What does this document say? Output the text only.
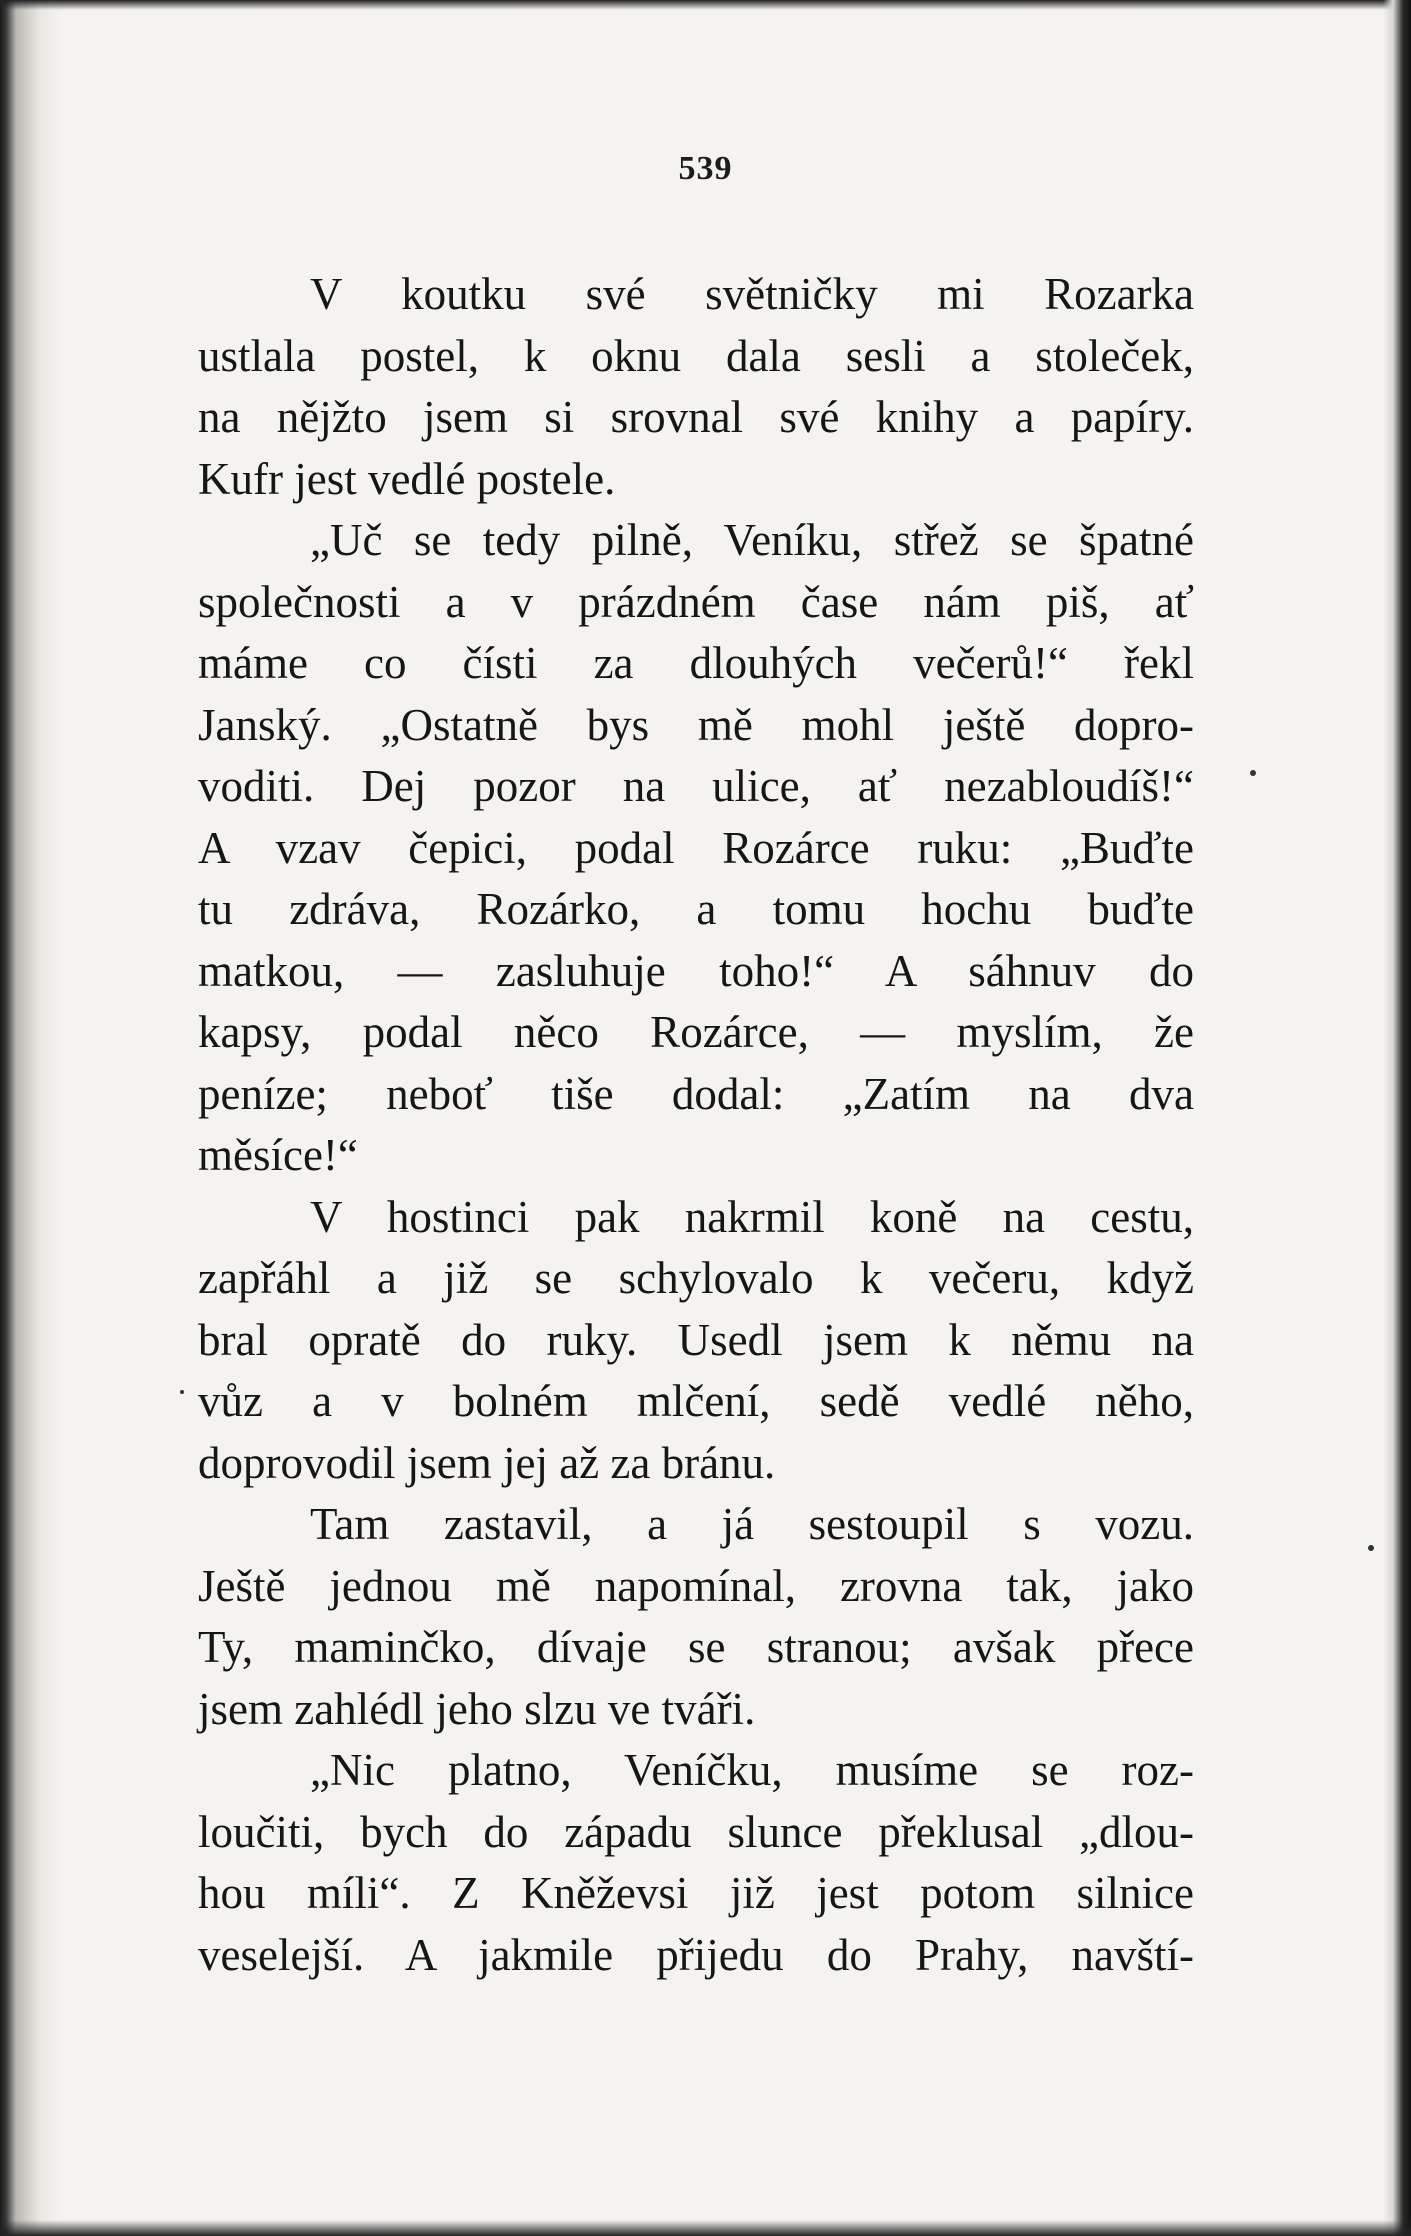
539
V koutku své světničky mi Rozarka
ustlala postel, k oknu dala sesli a stoleček,
na nějžto jsem si srovnal své knihy a papíry.
Kufr jest vedlé postele.
„Uč se tedy pilně, Veníku, střež se špatné
společnosti a v prázdném čase nám piš, ať
máme co čísti za dlouhých večerů!“ řekl
Janský. „Ostatně bys mě mohl ještě dopro-
voditi. Dej pozor na ulice, ať nezabloudíš!“
A vzav čepici, podal Rozárce ruku: „Buďte
tu zdráva, Rozárko, a tomu hochu buďte
matkou, — zasluhuje toho!“ A sáhnuv do
kapsy, podal něco Rozárce, — myslím, že
peníze; neboť tiše dodal: „Zatím na dva
měsíce!“
V hostinci pak nakrmil koně na cestu,
zapřáhl a již se schylovalo k večeru, když
bral opratě do ruky. Usedl jsem k němu na
vůz a v bolném mlčení, sedě vedlé něho,
doprovodil jsem jej až za bránu.
Tam zastavil, a já sestoupil s vozu.
Ještě jednou mě napomínal, zrovna tak, jako
Ty, maminčko, dívaje se stranou; avšak přece
jsem zahlédl jeho slzu ve tváři.
„Nic platno, Veníčku, musíme se roz-
loučiti, bych do západu slunce překlusal „dlou-
hou míli“. Z Kněževsi již jest potom silnice
veselejší. A jakmile přijedu do Prahy, navští-
